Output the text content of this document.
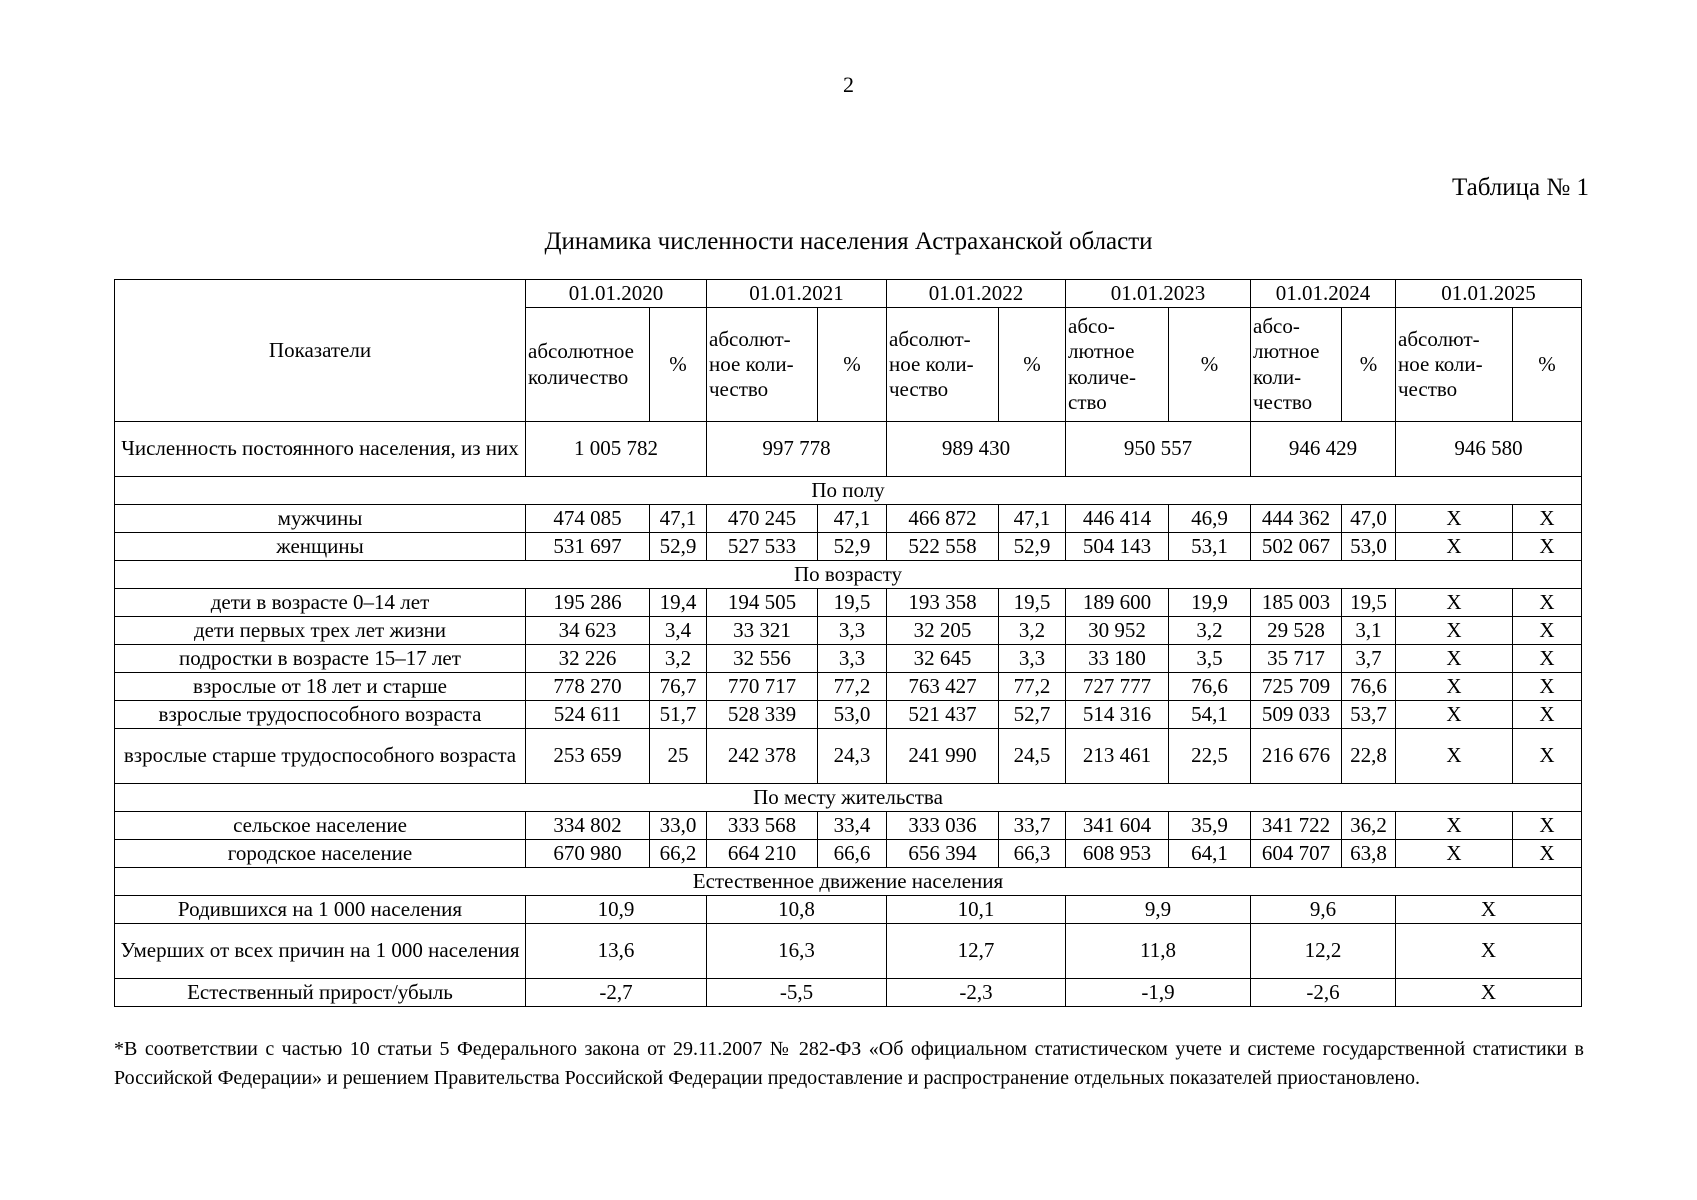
2
Таблица № 1
Динамика численности населения Астраханской области
Показатели	01.01.2020		01.01.2021		01.01.2022		01.01.2023		01.01.2024		01.01.2025	
	абсолютное количество	%	абсолют-ное коли-чество	%	абсолют-ное коли-чество	%	абсо-лютное количе-ство	%	абсо-лютное коли-чество	%	абсолют-ное коли-чество	%
Численность постоянного населения, из них	1 005 782		997 778		989 430		950 557		946 429		946 580	
По полу												
мужчины	474 085	47,1	470 245	47,1	466 872	47,1	446 414	46,9	444 362	47,0	X	X
женщины	531 697	52,9	527 533	52,9	522 558	52,9	504 143	53,1	502 067	53,0	X	X
По возрасту												
дети в возрасте 0–14 лет	195 286	19,4	194 505	19,5	193 358	19,5	189 600	19,9	185 003	19,5	X	X
дети первых трех лет жизни	34 623	3,4	33 321	3,3	32 205	3,2	30 952	3,2	29 528	3,1	X	X
подростки в возрасте 15–17 лет	32 226	3,2	32 556	3,3	32 645	3,3	33 180	3,5	35 717	3,7	X	X
взрослые от 18 лет и старше	778 270	76,7	770 717	77,2	763 427	77,2	727 777	76,6	725 709	76,6	X	X
взрослые трудоспособного возраста	524 611	51,7	528 339	53,0	521 437	52,7	514 316	54,1	509 033	53,7	X	X
взрослые старше трудоспособного возраста	253 659	25	242 378	24,3	241 990	24,5	213 461	22,5	216 676	22,8	X	X
По месту жительства												
сельское население	334 802	33,0	333 568	33,4	333 036	33,7	341 604	35,9	341 722	36,2	X	X
городское население	670 980	66,2	664 210	66,6	656 394	66,3	608 953	64,1	604 707	63,8	X	X
Естественное движение населения												
Родившихся на 1 000 населения	10,9		10,8		10,1		9,9		9,6		X	
Умерших от всех причин на 1 000 населения	13,6		16,3		12,7		11,8		12,2		X	
Естественный прирост/убыль	-2,7		-5,5		-2,3		-1,9		-2,6		X	
*В соответствии с частью 10 статьи 5 Федерального закона от 29.11.2007 № 282-ФЗ «Об официальном статистическом учете и системе государственной статистики в Российской Федерации» и решением Правительства Российской Федерации предоставление и распространение отдельных показателей приостановлено.
